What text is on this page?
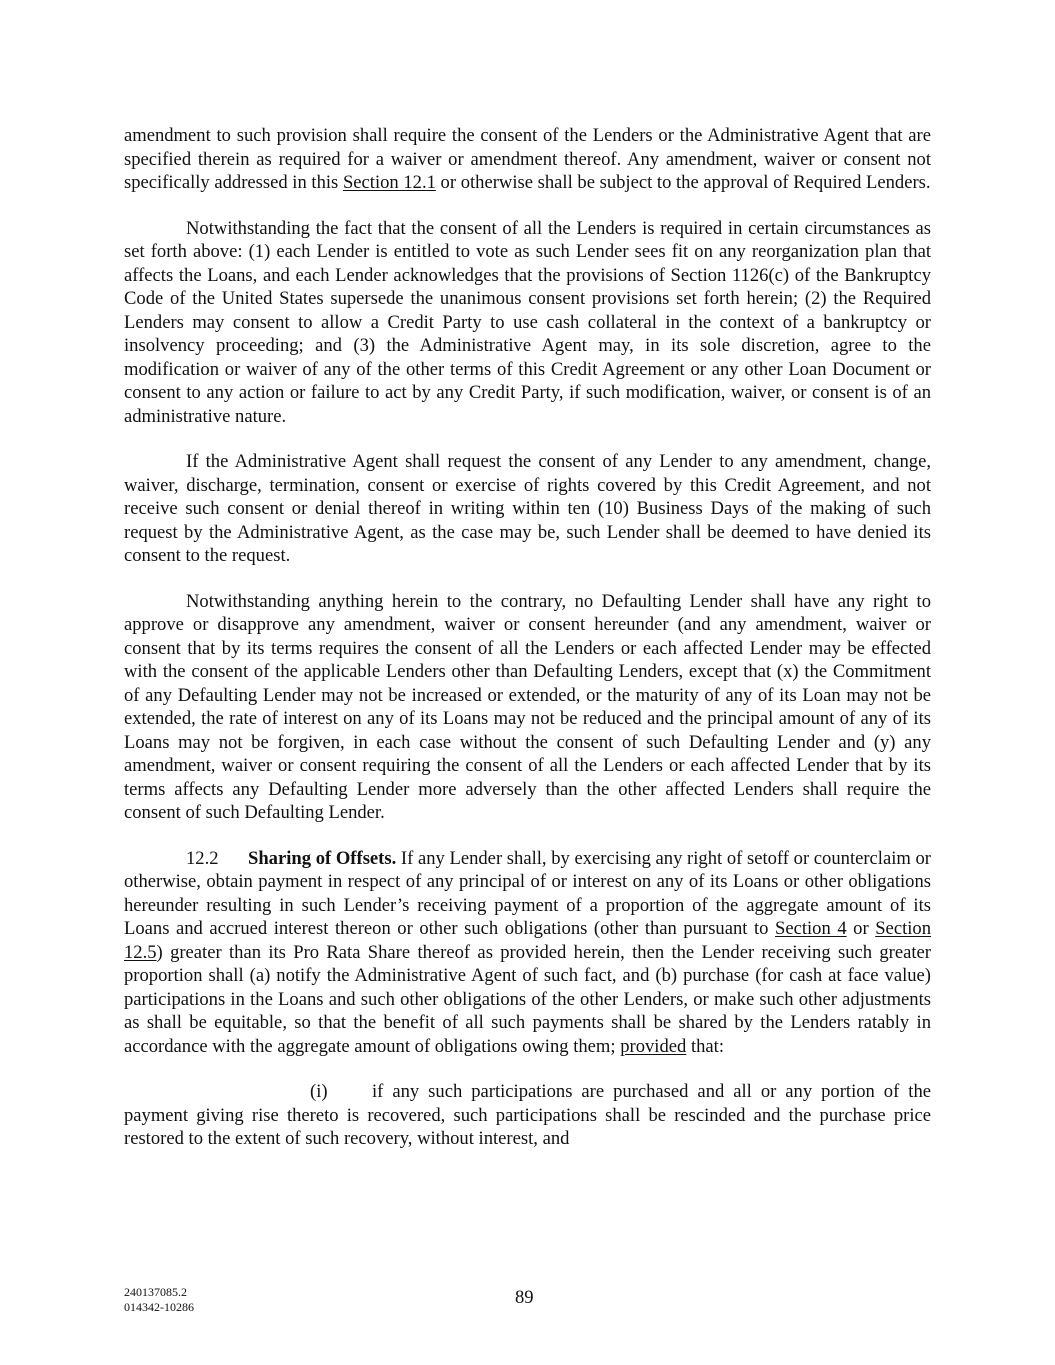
amendment to such provision shall require the consent of the Lenders or the Administrative Agent that are specified therein as required for a waiver or amendment thereof. Any amendment, waiver or consent not specifically addressed in this Section 12.1 or otherwise shall be subject to the approval of Required Lenders.

Notwithstanding the fact that the consent of all the Lenders is required in certain circumstances as set forth above: (1) each Lender is entitled to vote as such Lender sees fit on any reorganization plan that affects the Loans, and each Lender acknowledges that the provisions of Section 1126(c) of the Bankruptcy Code of the United States supersede the unanimous consent provisions set forth herein; (2) the Required Lenders may consent to allow a Credit Party to use cash collateral in the context of a bankruptcy or insolvency proceeding; and (3) the Administrative Agent may, in its sole discretion, agree to the modification or waiver of any of the other terms of this Credit Agreement or any other Loan Document or consent to any action or failure to act by any Credit Party, if such modification, waiver, or consent is of an administrative nature.

If the Administrative Agent shall request the consent of any Lender to any amendment, change, waiver, discharge, termination, consent or exercise of rights covered by this Credit Agreement, and not receive such consent or denial thereof in writing within ten (10) Business Days of the making of such request by the Administrative Agent, as the case may be, such Lender shall be deemed to have denied its consent to the request.

Notwithstanding anything herein to the contrary, no Defaulting Lender shall have any right to approve or disapprove any amendment, waiver or consent hereunder (and any amendment, waiver or consent that by its terms requires the consent of all the Lenders or each affected Lender may be effected with the consent of the applicable Lenders other than Defaulting Lenders, except that (x) the Commitment of any Defaulting Lender may not be increased or extended, or the maturity of any of its Loan may not be extended, the rate of interest on any of its Loans may not be reduced and the principal amount of any of its Loans may not be forgiven, in each case without the consent of such Defaulting Lender and (y) any amendment, waiver or consent requiring the consent of all the Lenders or each affected Lender that by its terms affects any Defaulting Lender more adversely than the other affected Lenders shall require the consent of such Defaulting Lender.

12.2 Sharing of Offsets. If any Lender shall, by exercising any right of setoff or counterclaim or otherwise, obtain payment in respect of any principal of or interest on any of its Loans or other obligations hereunder resulting in such Lender’s receiving payment of a proportion of the aggregate amount of its Loans and accrued interest thereon or other such obligations (other than pursuant to Section 4 or Section 12.5) greater than its Pro Rata Share thereof as provided herein, then the Lender receiving such greater proportion shall (a) notify the Administrative Agent of such fact, and (b) purchase (for cash at face value) participations in the Loans and such other obligations of the other Lenders, or make such other adjustments as shall be equitable, so that the benefit of all such payments shall be shared by the Lenders ratably in accordance with the aggregate amount of obligations owing them; provided that:

(i) if any such participations are purchased and all or any portion of the payment giving rise thereto is recovered, such participations shall be rescinded and the purchase price restored to the extent of such recovery, without interest, and

240137085.2
014342-10286	89
